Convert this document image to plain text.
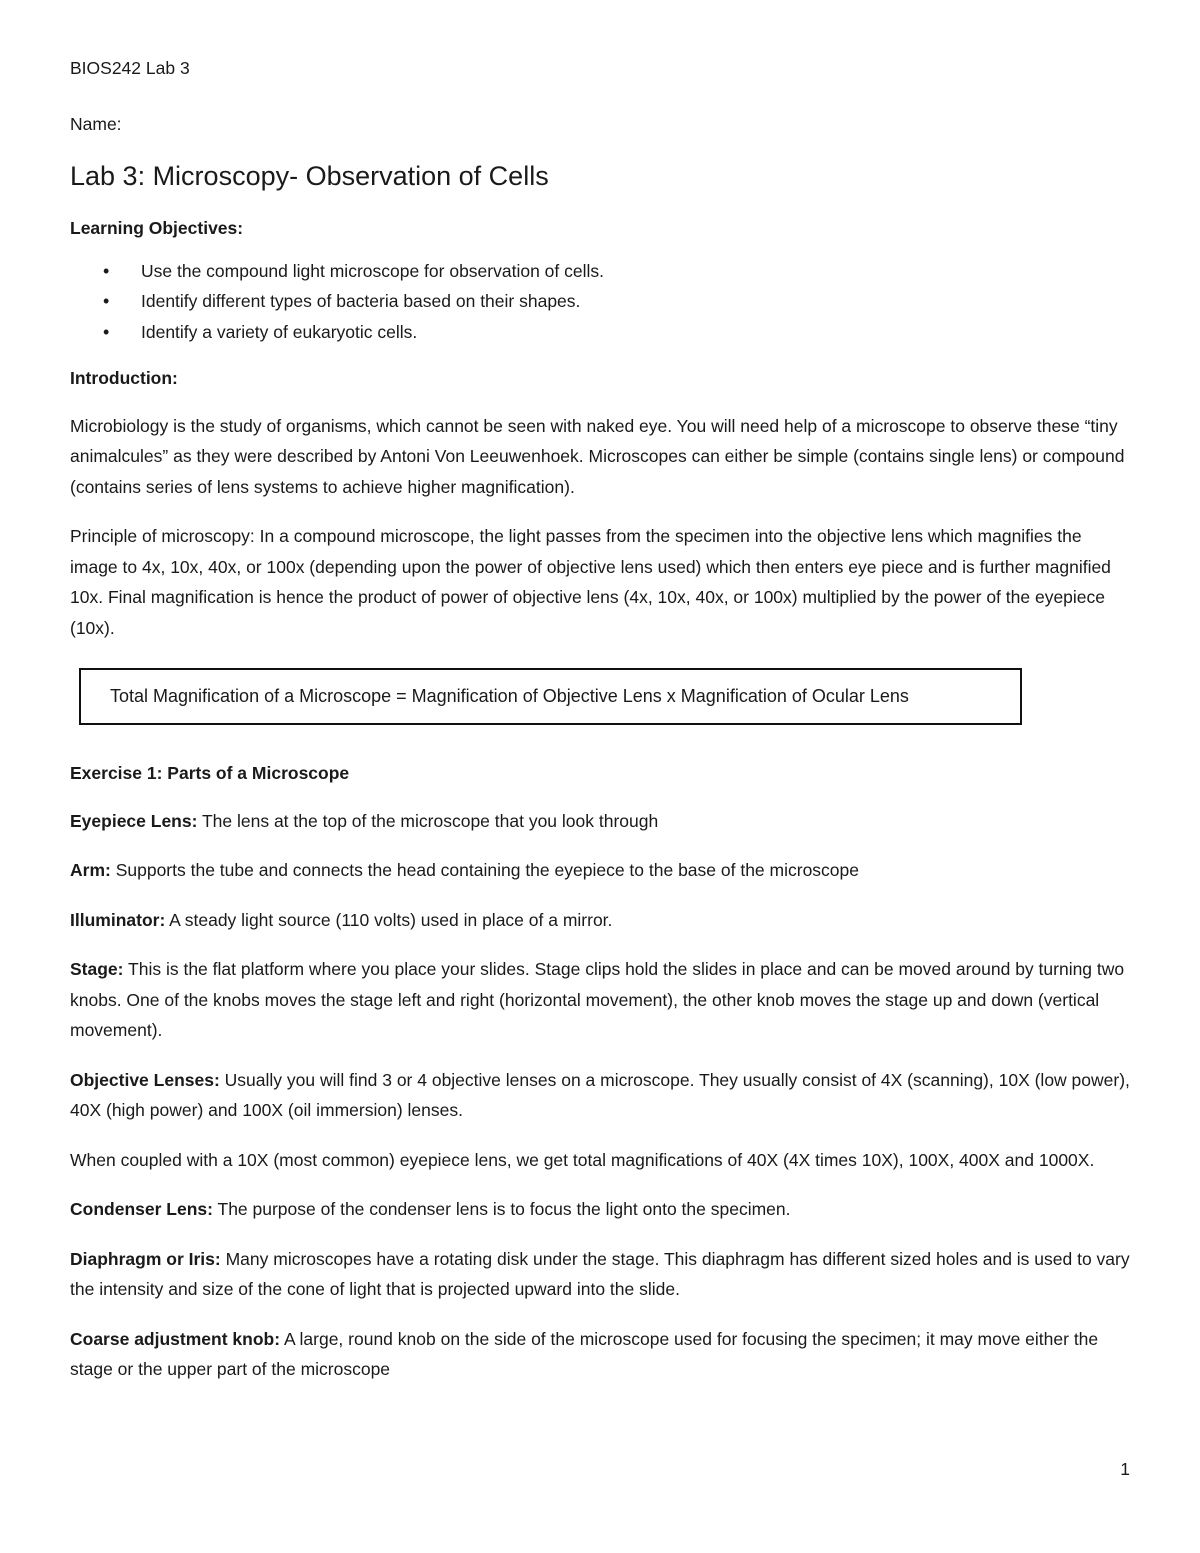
BIOS242 Lab 3

Name:

Lab 3: Microscopy- Observation of Cells
Learning Objectives:
• Use the compound light microscope for observation of cells.
• Identify different types of bacteria based on their shapes.
• Identify a variety of eukaryotic cells.
Introduction:

Microbiology is the study of organisms, which cannot be seen with naked eye. You will need help of a microscope to observe these “tiny animalcules” as they were described by Antoni Von Leeuwenhoek. Microscopes can either be simple (contains single lens) or compound (contains series of lens systems to achieve higher magnification).

Principle of microscopy: In a compound microscope, the light passes from the specimen into the objective lens which magnifies the image to 4x, 10x, 40x, or 100x (depending upon the power of objective lens used) which then enters eye piece and is further magnified 10x. Final magnification is hence the product of power of objective lens (4x, 10x, 40x, or 100x) multiplied by the power of the eyepiece (10x).

Total Magnification of a Microscope = Magnification of Objective Lens x Magnification of Ocular Lens
Exercise 1: Parts of a Microscope

Eyepiece Lens: The lens at the top of the microscope that you look through

Arm: Supports the tube and connects the head containing the eyepiece to the base of the microscope

Illuminator: A steady light source (110 volts) used in place of a mirror.

Stage: This is the flat platform where you place your slides. Stage clips hold the slides in place and can be moved around by turning two knobs. One of the knobs moves the stage left and right (horizontal movement), the other knob moves the stage up and down (vertical movement).

Objective Lenses: Usually you will find 3 or 4 objective lenses on a microscope. They usually consist of 4X (scanning), 10X (low power), 40X (high power) and 100X (oil immersion) lenses.

When coupled with a 10X (most common) eyepiece lens, we get total magnifications of 40X (4X times 10X), 100X, 400X and 1000X.

Condenser Lens: The purpose of the condenser lens is to focus the light onto the specimen.

Diaphragm or Iris: Many microscopes have a rotating disk under the stage. This diaphragm has different sized holes and is used to vary the intensity and size of the cone of light that is projected upward into the slide.

Coarse adjustment knob: A large, round knob on the side of the microscope used for focusing the specimen; it may move either the stage or the upper part of the microscope

1
